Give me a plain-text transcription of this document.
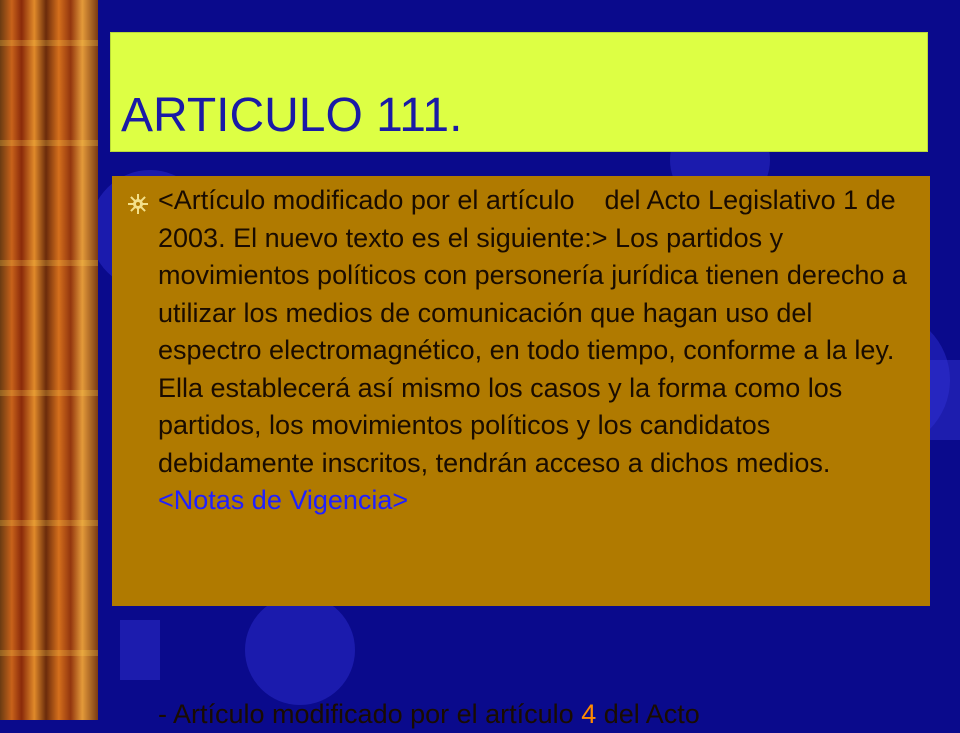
ARTICULO 111.

<Artículo modificado por el artículo del Acto Legislativo 1 de 2003. El nuevo texto es el siguiente:> Los partidos y movimientos políticos con personería jurídica tienen derecho a utilizar los medios de comunicación que hagan uso del espectro electromagnético, en todo tiempo, conforme a la ley. Ella establecerá así mismo los casos y la forma como los partidos, los movimientos políticos y los candidatos debidamente inscritos, tendrán acceso a dichos medios. <Notas de Vigencia>

- Artículo modificado por el artículo 4 del Acto
